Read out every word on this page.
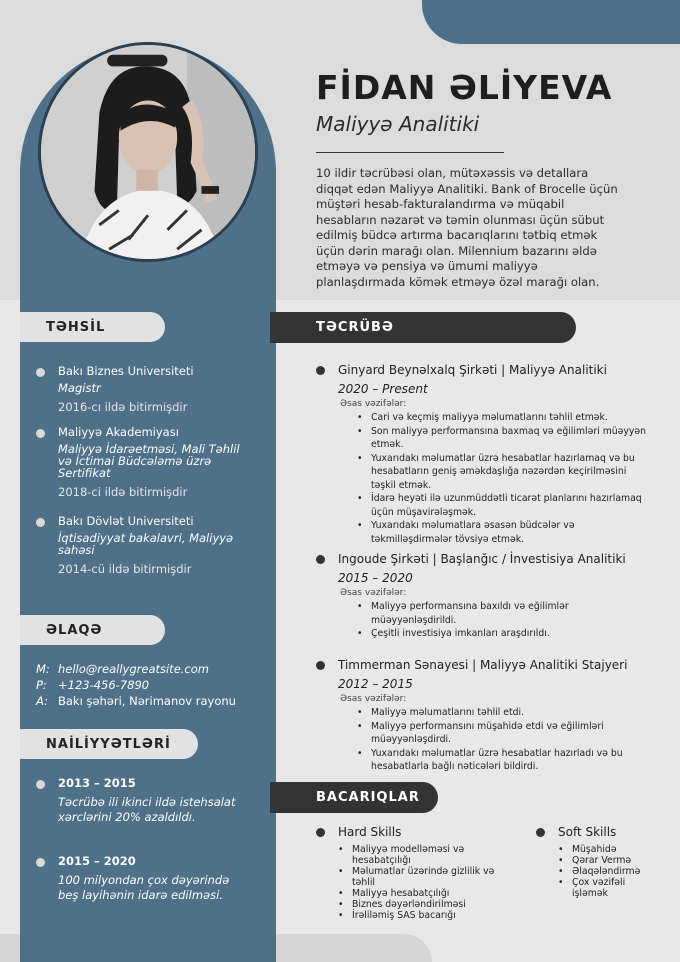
FİDAN ƏLİYEVA
Maliyyə Analitiki
10 ildir təcrübəsi olan, mütəxəssis və detallara diqqət edən Maliyyə Analitiki. Bank of Brocelle üçün müştəri hesab-fakturalandırma və müqabil hesabların nəzarət və təmin olunması üçün sübut edilmiş büdcə artırma bacarıqlarını tətbiq etmək üçün dərin marağı olan. Milennium bazarını əldə etməyə və pensiya və ümumi maliyyə planlaşdırmada kömək etməyə özəl marağı olan.
TƏHSİL
Bakı Biznes Universiteti
Magistr
2016-cı ildə bitirmişdir
Maliyyə Akademiyası
Maliyyə İdarəetməsi, Mali Təhlil və İctimai Büdcələmə üzrə Sertifikat
2018-ci ildə bitirmişdir
Bakı Dövlət Universiteti
İqtisadiyyat bakalavri, Maliyyə sahəsi
2014-cü ildə bitirmişdir
ƏLAQƏ
M: hello@reallygreatsite.com
P: +123-456-7890
A: Bakı şəhəri, Nərimanov rayonu
NAİLİYYƏTLƏRİ
2013 – 2015
Təcrübə ili ikinci ildə istehsalat xərclərini 20% azaldıldı.
2015 – 2020
100 milyondan çox dəyərində beş layihənin idarə edilməsi.
TƏCRÜBƏ
Ginyard Beynəlxalq Şirkəti | Maliyyə Analitiki
2020 – Present
Əsas vəzifələr:
• Cari və keçmiş maliyyə məlumatlarını təhlil etmək.
• Son maliyyə performansına baxmaq və eğilimləri müəyyən etmək.
• Yuxarıdakı məlumatlar üzrə hesabatlar hazırlamaq və bu hesabatların geniş əməkdaşlığa nəzərdən keçirilməsini təşkil etmək.
• İdarə heyəti ilə uzunmüddətli ticarət planlarını hazırlamaq üçün müşavirələşmək.
• Yuxarıdakı məlumatlara əsasən büdcələr və təkmilləşdirmələr tövsiyə etmək.
Ingoude Şirkəti | Başlanğıc / İnvestisiya Analitiki
2015 – 2020
Əsas vəzifələr:
• Maliyyə performansına baxıldı və eğilimlər müəyyənləşdirildi.
• Çeşitli investisiya imkanları araşdırıldı.
Timmerman Sənayesi | Maliyyə Analitiki Stajyeri
2012 – 2015
Əsas vəzifələr:
• Maliyyə məlumatlarını təhlil etdi.
• Maliyyə performansını müşahidə etdi və eğilimləri müəyyənləşdirdi.
• Yuxarıdakı məlumatlar üzrə hesabatlar hazırladı və bu hesabatlarla bağlı nəticələri bildirdi.
BACARIQLAR
Hard Skills
• Maliyyə modelləməsi və hesabatçılığı
• Məlumatlar üzərində gizlilik və təhlil
• Maliyyə hesabatçılığı
• Biznes dəyərləndirilməsi
• İrəliləmiş SAS bacarığı
Soft Skills
• Müşahidə
• Qərar Vermə
• Əlaqələndirmə
• Çox vəzifəli işləmək
